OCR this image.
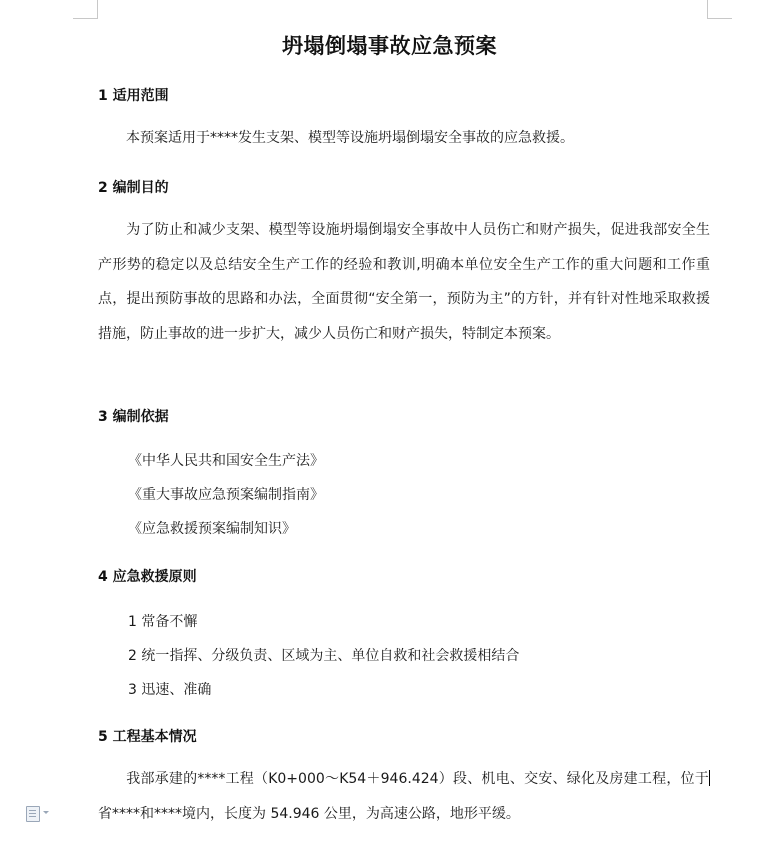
坍塌倒塌事故应急预案
1 适用范围
本预案适用于****发生支架、模型等设施坍塌倒塌安全事故的应急救援。
2 编制目的
为了防止和减少支架、模型等设施坍塌倒塌安全事故中人员伤亡和财产损失，促进我部安全生产形势的稳定以及总结安全生产工作的经验和教训,明确本单位安全生产工作的重大问题和工作重点，提出预防事故的思路和办法，全面贯彻“安全第一，预防为主”的方针，并有针对性地采取救援措施，防止事故的进一步扩大，减少人员伤亡和财产损失，特制定本预案。
3 编制依据
《中华人民共和国安全生产法》
《重大事故应急预案编制指南》
《应急救援预案编制知识》
4 应急救援原则
1 常备不懈
2 统一指挥、分级负责、区域为主、单位自救和社会救援相结合
3 迅速、准确
5 工程基本情况
我部承建的****工程（K0+000～K54＋946.424）段、机电、交安、绿化及房建工程，位于省****和****境内，长度为 54.946 公里，为高速公路，地形平缓。
